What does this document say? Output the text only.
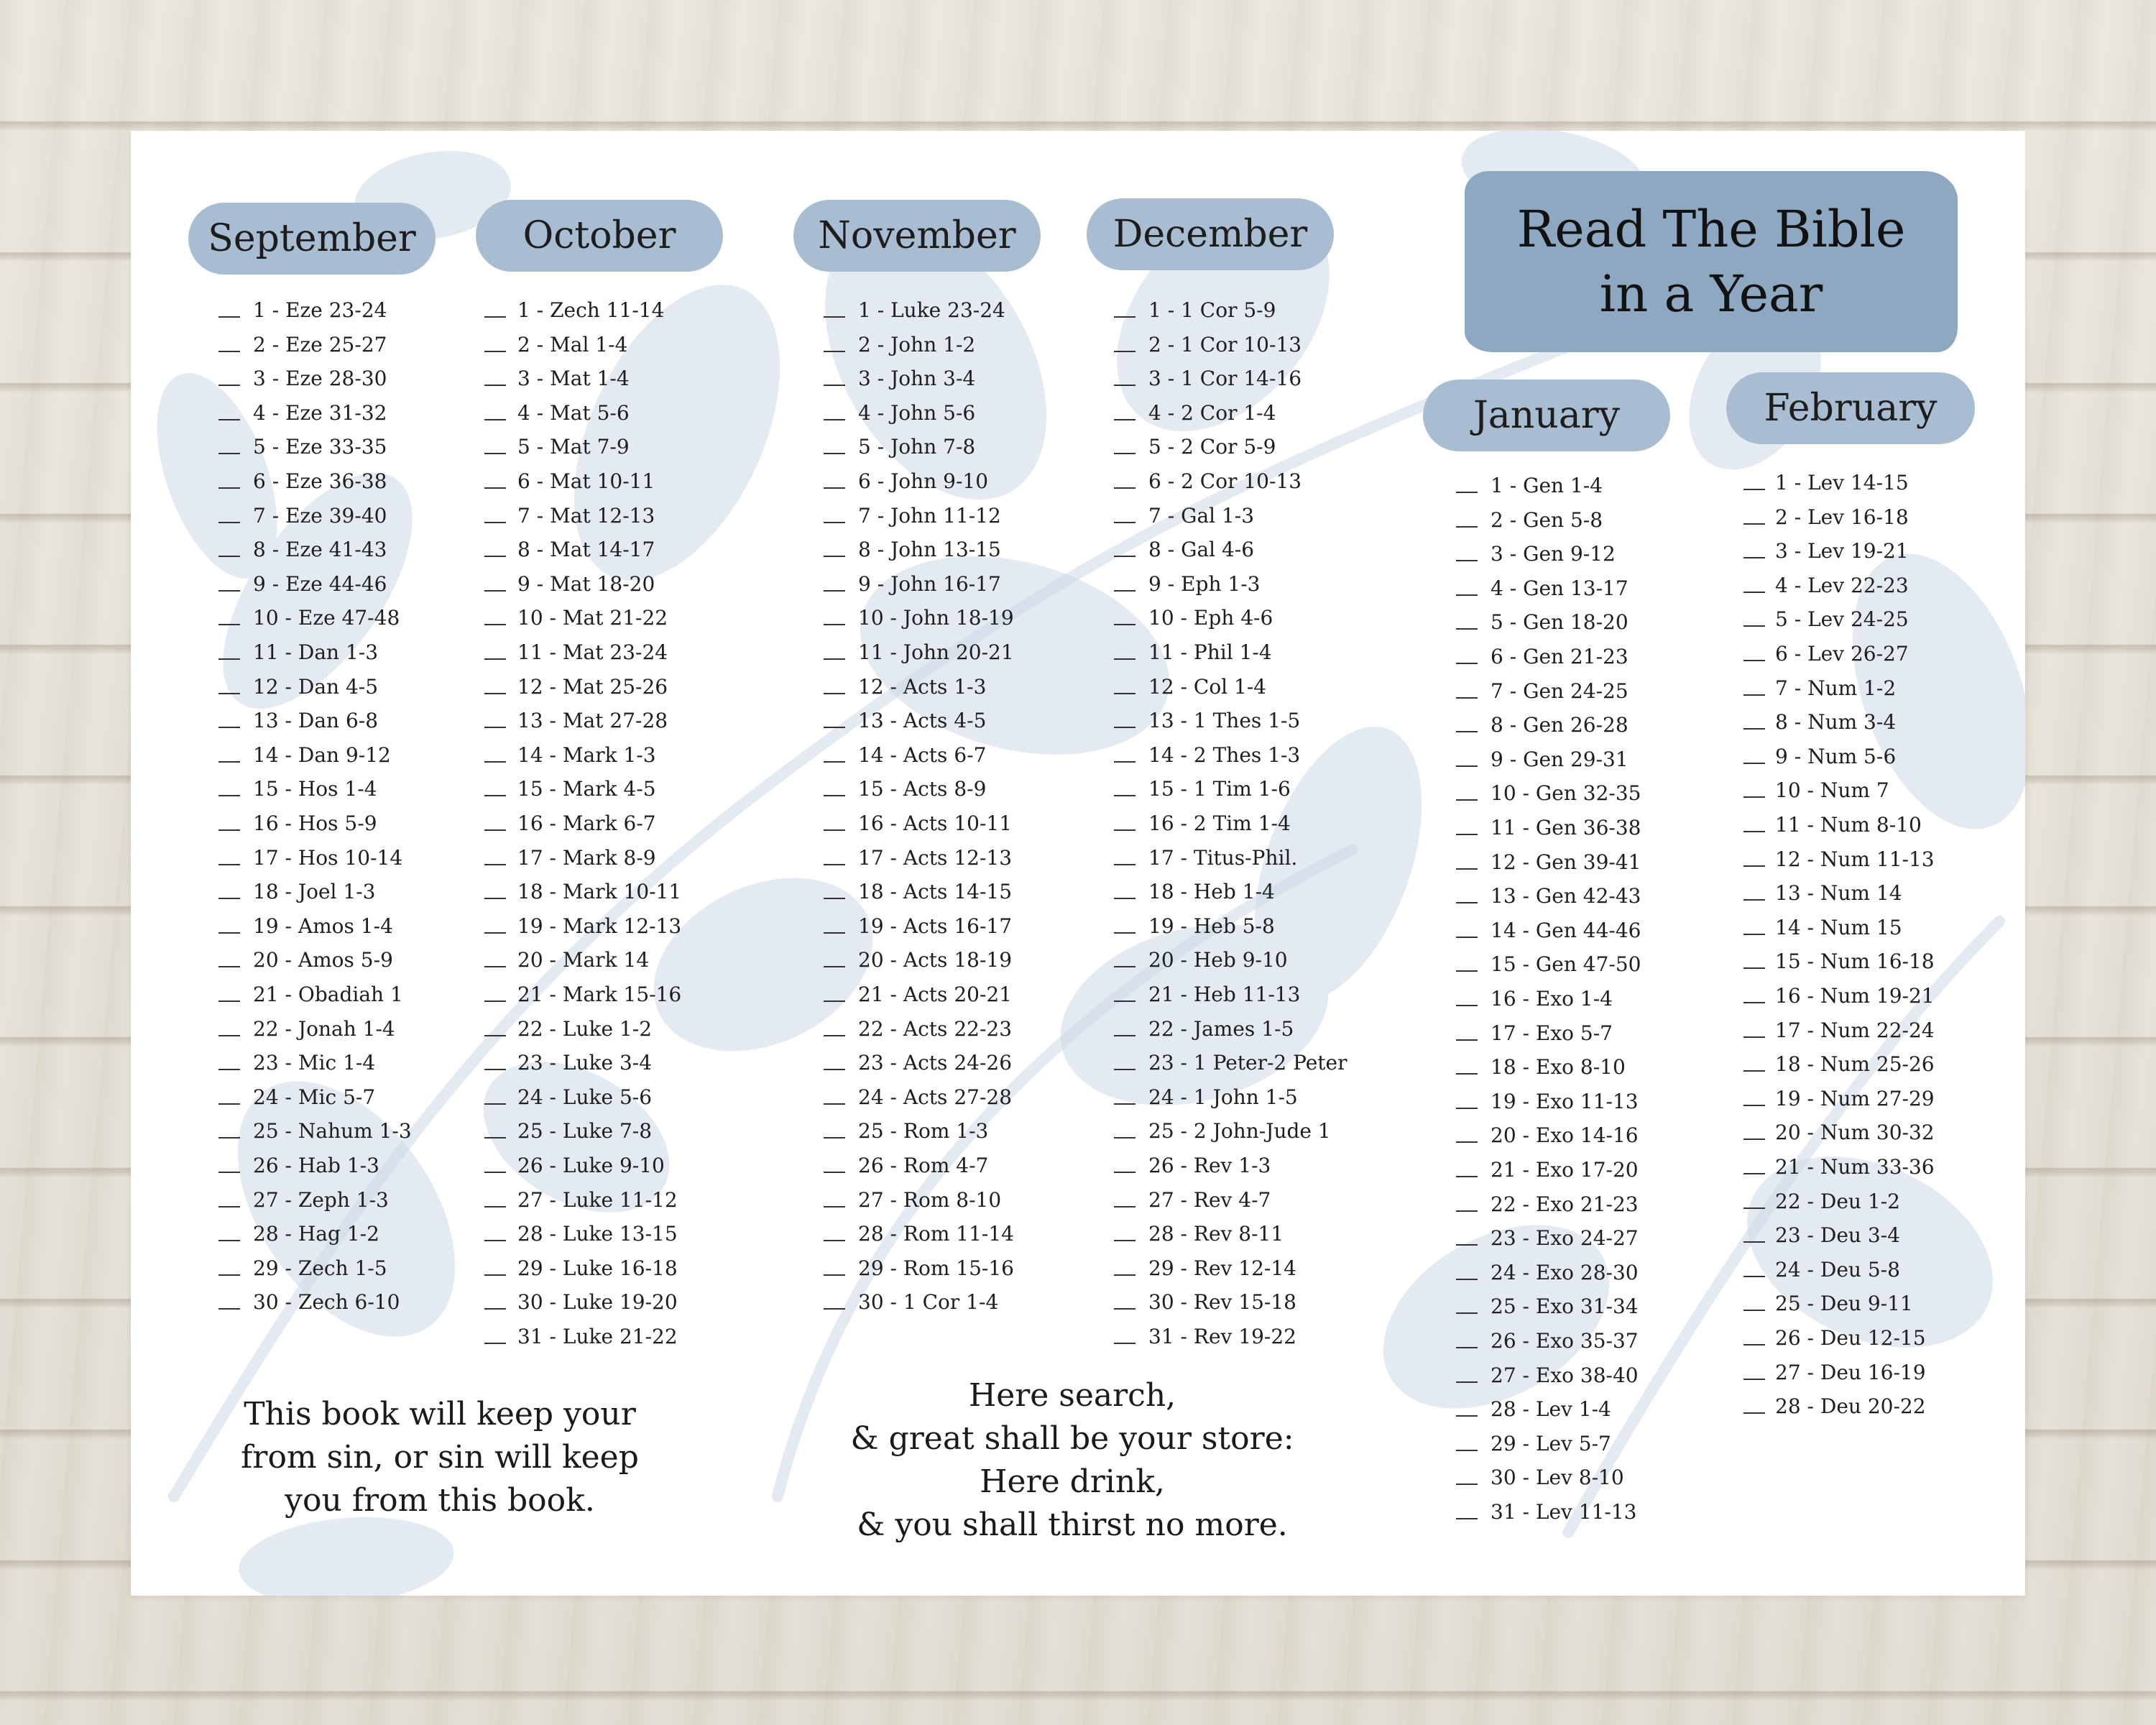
Read The Bible
in a Year
September	October	November	December
January	February
1 - Eze 23-24
2 - Eze 25-27
3 - Eze 28-30
4 - Eze 31-32
5 - Eze 33-35
6 - Eze 36-38
7 - Eze 39-40
8 - Eze 41-43
9 - Eze 44-46
10 - Eze 47-48
11 - Dan 1-3
12 - Dan 4-5
13 - Dan 6-8
14 - Dan 9-12
15 - Hos 1-4
16 - Hos 5-9
17 - Hos 10-14
18 - Joel 1-3
19 - Amos 1-4
20 - Amos 5-9
21 - Obadiah 1
22 - Jonah 1-4
23 - Mic 1-4
24 - Mic 5-7
25 - Nahum 1-3
26 - Hab 1-3
27 - Zeph 1-3
28 - Hag 1-2
29 - Zech 1-5
30 - Zech 6-10
1 - Zech 11-14
2 - Mal 1-4
3 - Mat 1-4
4 - Mat 5-6
5 - Mat 7-9
6 - Mat 10-11
7 - Mat 12-13
8 - Mat 14-17
9 - Mat 18-20
10 - Mat 21-22
11 - Mat 23-24
12 - Mat 25-26
13 - Mat 27-28
14 - Mark 1-3
15 - Mark 4-5
16 - Mark 6-7
17 - Mark 8-9
18 - Mark 10-11
19 - Mark 12-13
20 - Mark 14
21 - Mark 15-16
22 - Luke 1-2
23 - Luke 3-4
24 - Luke 5-6
25 - Luke 7-8
26 - Luke 9-10
27 - Luke 11-12
28 - Luke 13-15
29 - Luke 16-18
30 - Luke 19-20
31 - Luke 21-22
1 - Luke 23-24
2 - John 1-2
3 - John 3-4
4 - John 5-6
5 - John 7-8
6 - John 9-10
7 - John 11-12
8 - John 13-15
9 - John 16-17
10 - John 18-19
11 - John 20-21
12 - Acts 1-3
13 - Acts 4-5
14 - Acts 6-7
15 - Acts 8-9
16 - Acts 10-11
17 - Acts 12-13
18 - Acts 14-15
19 - Acts 16-17
20 - Acts 18-19
21 - Acts 20-21
22 - Acts 22-23
23 - Acts 24-26
24 - Acts 27-28
25 - Rom 1-3
26 - Rom 4-7
27 - Rom 8-10
28 - Rom 11-14
29 - Rom 15-16
30 - 1 Cor 1-4
1 - 1 Cor 5-9
2 - 1 Cor 10-13
3 - 1 Cor 14-16
4 - 2 Cor 1-4
5 - 2 Cor 5-9
6 - 2 Cor 10-13
7 - Gal 1-3
8 - Gal 4-6
9 - Eph 1-3
10 - Eph 4-6
11 - Phil 1-4
12 - Col 1-4
13 - 1 Thes 1-5
14 - 2 Thes 1-3
15 - 1 Tim 1-6
16 - 2 Tim 1-4
17 - Titus-Phil.
18 - Heb 1-4
19 - Heb 5-8
20 - Heb 9-10
21 - Heb 11-13
22 - James 1-5
23 - 1 Peter-2 Peter
24 - 1 John 1-5
25 - 2 John-Jude 1
26 - Rev 1-3
27 - Rev 4-7
28 - Rev 8-11
29 - Rev 12-14
30 - Rev 15-18
31 - Rev 19-22
1 - Gen 1-4
2 - Gen 5-8
3 - Gen 9-12
4 - Gen 13-17
5 - Gen 18-20
6 - Gen 21-23
7 - Gen 24-25
8 - Gen 26-28
9 - Gen 29-31
10 - Gen 32-35
11 - Gen 36-38
12 - Gen 39-41
13 - Gen 42-43
14 - Gen 44-46
15 - Gen 47-50
16 - Exo 1-4
17 - Exo 5-7
18 - Exo 8-10
19 - Exo 11-13
20 - Exo 14-16
21 - Exo 17-20
22 - Exo 21-23
23 - Exo 24-27
24 - Exo 28-30
25 - Exo 31-34
26 - Exo 35-37
27 - Exo 38-40
28 - Lev 1-4
29 - Lev 5-7
30 - Lev 8-10
31 - Lev 11-13
1 - Lev 14-15
2 - Lev 16-18
3 - Lev 19-21
4 - Lev 22-23
5 - Lev 24-25
6 - Lev 26-27
7 - Num 1-2
8 - Num 3-4
9 - Num 5-6
10 - Num 7
11 - Num 8-10
12 - Num 11-13
13 - Num 14
14 - Num 15
15 - Num 16-18
16 - Num 19-21
17 - Num 22-24
18 - Num 25-26
19 - Num 27-29
20 - Num 30-32
21 - Num 33-36
22 - Deu 1-2
23 - Deu 3-4
24 - Deu 5-8
25 - Deu 9-11
26 - Deu 12-15
27 - Deu 16-19
28 - Deu 20-22
This book will keep your
from sin, or sin will keep
you from this book.
Here search,
& great shall be your store:
Here drink,
& you shall thirst no more.
